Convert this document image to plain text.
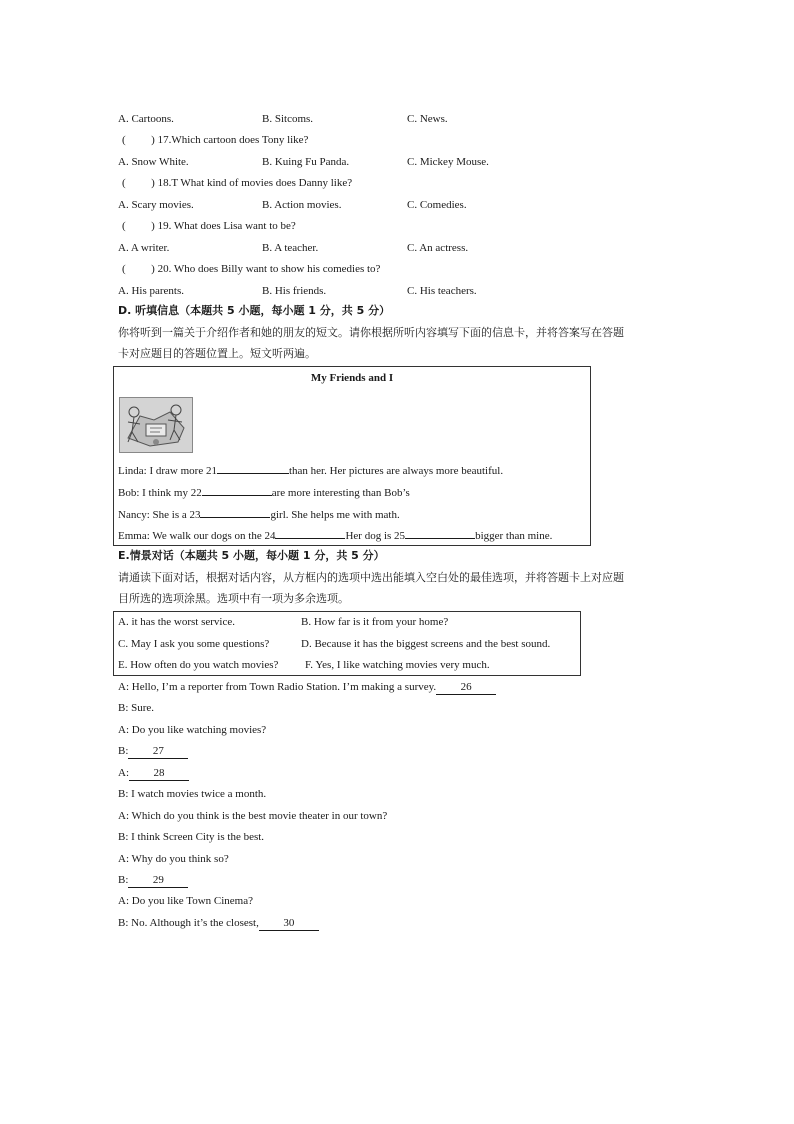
A. Cartoons.	B. Sitcoms.	C. News.
( ) 17.Which cartoon does Tony like?
A. Snow White.	B. Kuing Fu Panda.	C. Mickey Mouse.
( ) 18.T What kind of movies does Danny like?
A. Scary movies.	B. Action movies.	C. Comedies.
( ) 19. What does Lisa want to be?
A. A writer.	B. A teacher.	C. An actress.
( ) 20. Who does Billy want to show his comedies to?
A. His parents.	B. His friends.	C. His teachers.
D. 听填信息（本题共 5 小题，每小题 1 分，共 5 分）
你将听到一篇关于介绍作者和她的朋友的短文。请你根据所听内容填写下面的信息卡，并将答案写在答题
卡对应题目的答题位置上。短文听两遍。
My Friends and I
Linda: I draw more 21	than her. Her pictures are always more beautiful.
Bob: I think my 22	are more interesting than Bob’s
Nancy: She is a 23	girl. She helps me with math.
Emma: We walk our dogs on the 24	Her dog is 25	bigger than mine.
E.情景对话（本题共 5 小题，每小题 1 分，共 5 分）
请通读下面对话，根据对话内容，从方框内的选项中选出能填入空白处的最佳选项，并将答题卡上对应题
目所选的选项涂黑。选项中有一项为多余选项。
A. it has the worst service.	B. How far is it from your home?
C. May I ask you some questions?	D. Because it has the biggest screens and the best sound.
E. How often do you watch movies? F. Yes, I like watching movies very much.
A: Hello, I’m a reporter from Town Radio Station. I’m making a survey. 26
B: Sure.
A: Do you like watching movies?
B: 27
A: 28
B: I watch movies twice a month.
A: Which do you think is the best movie theater in our town?
B: I think Screen City is the best.
A: Why do you think so?
B: 29
A: Do you like Town Cinema?
B: No. Although it’s the closest, 30
